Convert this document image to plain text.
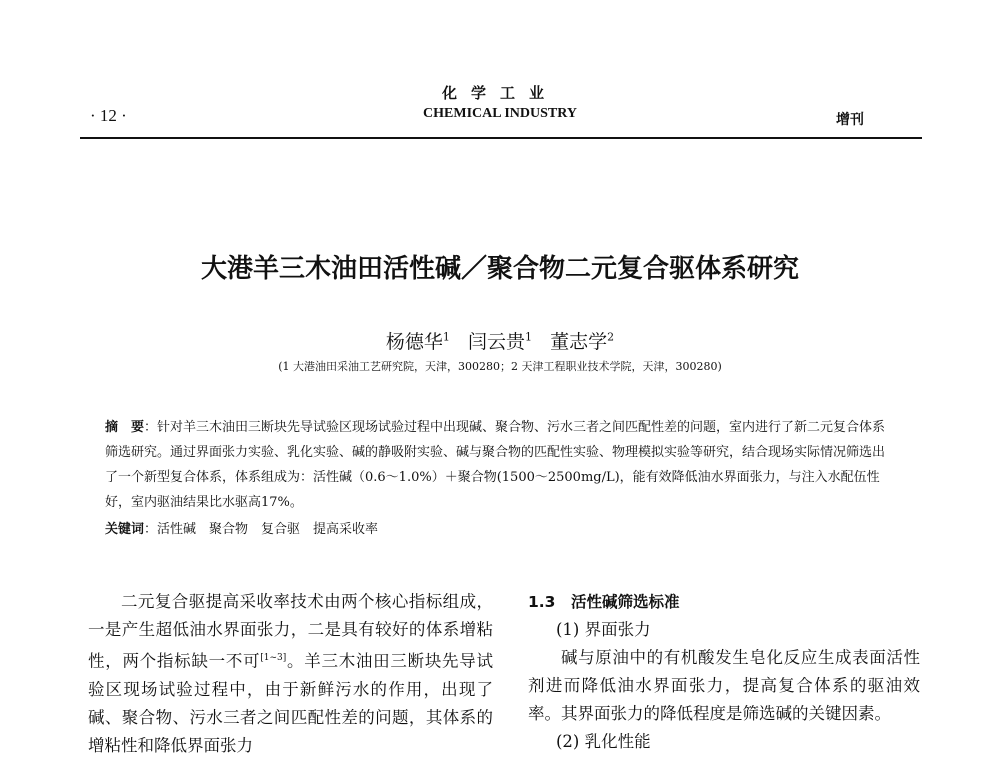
化学工业
· 12 ·	CHEMICAL INDUSTRY	增刊
大港羊三木油田活性碱／聚合物二元复合驱体系研究
杨德华$^1$ 闫云贵$^1$ 董志学$^2$
(1 大港油田采油工艺研究院，天津，300280；2 天津工程职业技术学院，天津，300280)
摘　要：针对羊三木油田三断块先导试验区现场试验过程中出现碱、聚合物、污水三者之间匹配性差的问题，室内进行了新二元复合体系筛选研究。通过界面张力实验、乳化实验、碱的静吸附实验、碱与聚合物的匹配性实验、物理模拟实验等研究，结合现场实际情况筛选出了一个新型复合体系，体系组成为：活性碱（0.6～1.0%）＋聚合物(1500～2500mg/L)，能有效降低油水界面张力，与注入水配伍性好，室内驱油结果比水驱高17%。
关键词：活性碱　聚合物　复合驱　提高采收率

二元复合驱提高采收率技术由两个核心指标组成，一是产生超低油水界面张力，二是具有较好的体系增粘性，两个指标缺一不可[1~3]。羊三木油田三断块先导试验区现场试验过程中，由于新鲜污水的作用，出现了碱、聚合物、污水三者之间匹配性差的问题，其体系的增粘性和降低界面张力

1.3　活性碱筛选标准
(1) 界面张力

碱与原油中的有机酸发生皂化反应生成表面活性剂进而降低油水界面张力，提高复合体系的驱油效率。其界面张力的降低程度是筛选碱的关键因素。

(2) 乳化性能
